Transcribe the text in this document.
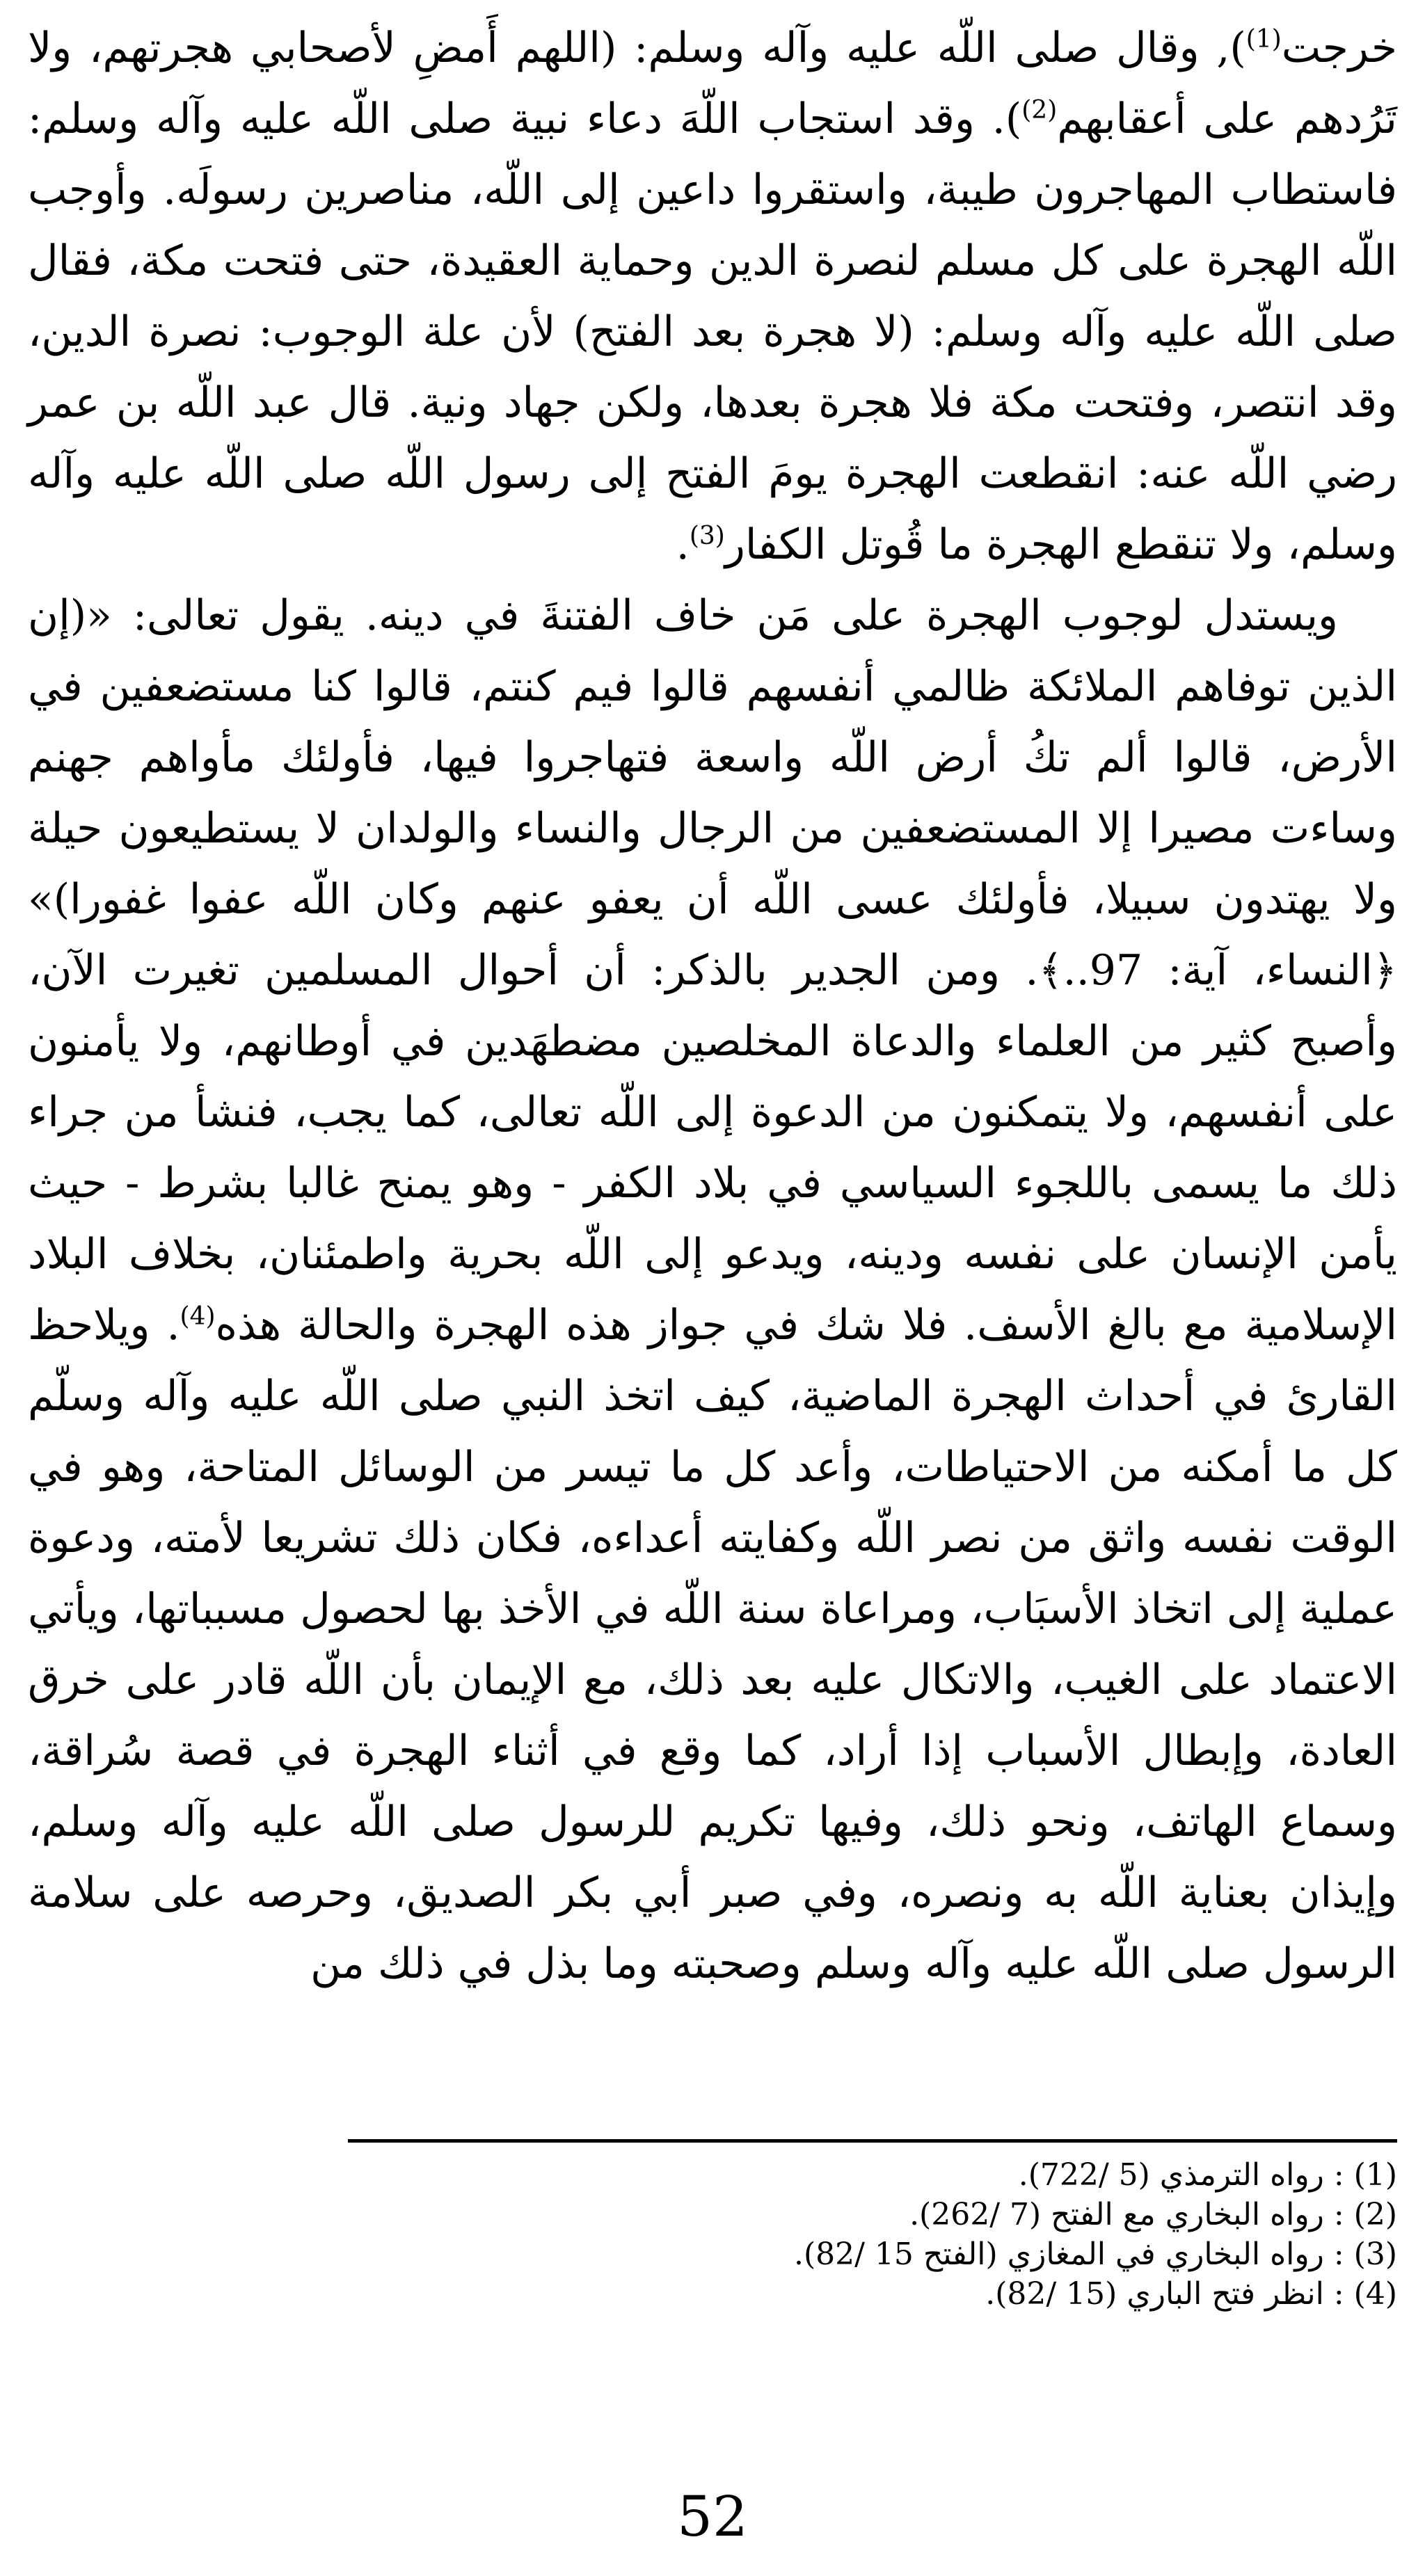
خرجت$^{(1)}$), وقال صلى اللّه عليه وآله وسلم: (اللهم أَمضِ لأصحابي هجرتهم، ولا تَرُدهم على أعقابهم$^{(2)}$). وقد استجاب اللّهَ دعاء نبية صلى اللّه عليه وآله وسلم: فاستطاب المهاجرون طيبة، واستقروا داعين إلى اللّه، مناصرين رسولَه. وأوجب اللّه الهجرة على كل مسلم لنصرة الدين وحماية العقيدة، حتى فتحت مكة، فقال صلى اللّه عليه وآله وسلم: (لا هجرة بعد الفتح) لأن علة الوجوب: نصرة الدين، وقد انتصر، وفتحت مكة فلا هجرة بعدها، ولكن جهاد ونية. قال عبد اللّه بن عمر رضي اللّه عنه: انقطعت الهجرة يومَ الفتح إلى رسول اللّه صلى اللّه عليه وآله وسلم، ولا تنقطع الهجرة ما قُوتل الكفار$^{(3)}$.

ويستدل لوجوب الهجرة على مَن خاف الفتنةَ في دينه. يقول تعالى: «(إن الذين توفاهم الملائكة ظالمي أنفسهم قالوا فيم كنتم، قالوا كنا مستضعفين في الأرض، قالوا ألم تكُ أرض اللّه واسعة فتهاجروا فيها، فأولئك مأواهم جهنم وساءت مصيرا إلا المستضعفين من الرجال والنساء والولدان لا يستطيعون حيلة ولا يهتدون سبيلا، فأولئك عسى اللّه أن يعفو عنهم وكان اللّه عفوا غفورا)» ﴿النساء، آية: 97..﴾. ومن الجدير بالذكر: أن أحوال المسلمين تغيرت الآن، وأصبح كثير من العلماء والدعاة المخلصين مضطهَدين في أوطانهم، ولا يأمنون على أنفسهم، ولا يتمكنون من الدعوة إلى اللّه تعالى، كما يجب، فنشأ من جراء ذلك ما يسمى باللجوء السياسي في بلاد الكفر - وهو يمنح غالبا بشرط - حيث يأمن الإنسان على نفسه ودينه، ويدعو إلى اللّه بحرية واطمئنان، بخلاف البلاد الإسلامية مع بالغ الأسف. فلا شك في جواز هذه الهجرة والحالة هذه$^{(4)}$. ويلاحظ القارئ في أحداث الهجرة الماضية، كيف اتخذ النبي صلى اللّه عليه وآله وسلّم كل ما أمكنه من الاحتياطات، وأعد كل ما تيسر من الوسائل المتاحة، وهو في الوقت نفسه واثق من نصر اللّه وكفايته أعداءه، فكان ذلك تشريعا لأمته، ودعوة عملية إلى اتخاذ الأسبَاب، ومراعاة سنة اللّه في الأخذ بها لحصول مسبباتها، ويأتي الاعتماد على الغيب، والاتكال عليه بعد ذلك، مع الإيمان بأن اللّه قادر على خرق العادة، وإبطال الأسباب إذا أراد، كما وقع في أثناء الهجرة في قصة سُراقة، وسماع الهاتف، ونحو ذلك، وفيها تكريم للرسول صلى اللّه عليه وآله وسلم، وإيذان بعناية اللّه به ونصره، وفي صبر أبي بكر الصديق، وحرصه على سلامة الرسول صلى اللّه عليه وآله وسلم وصحبته وما بذل في ذلك من

(1) : رواه الترمذي (5 /722).
(2) : رواه البخاري مع الفتح (7 /262).
(3) : رواه البخاري في المغازي (الفتح 15 /82).
(4) : انظر فتح الباري (15 /82).
52
